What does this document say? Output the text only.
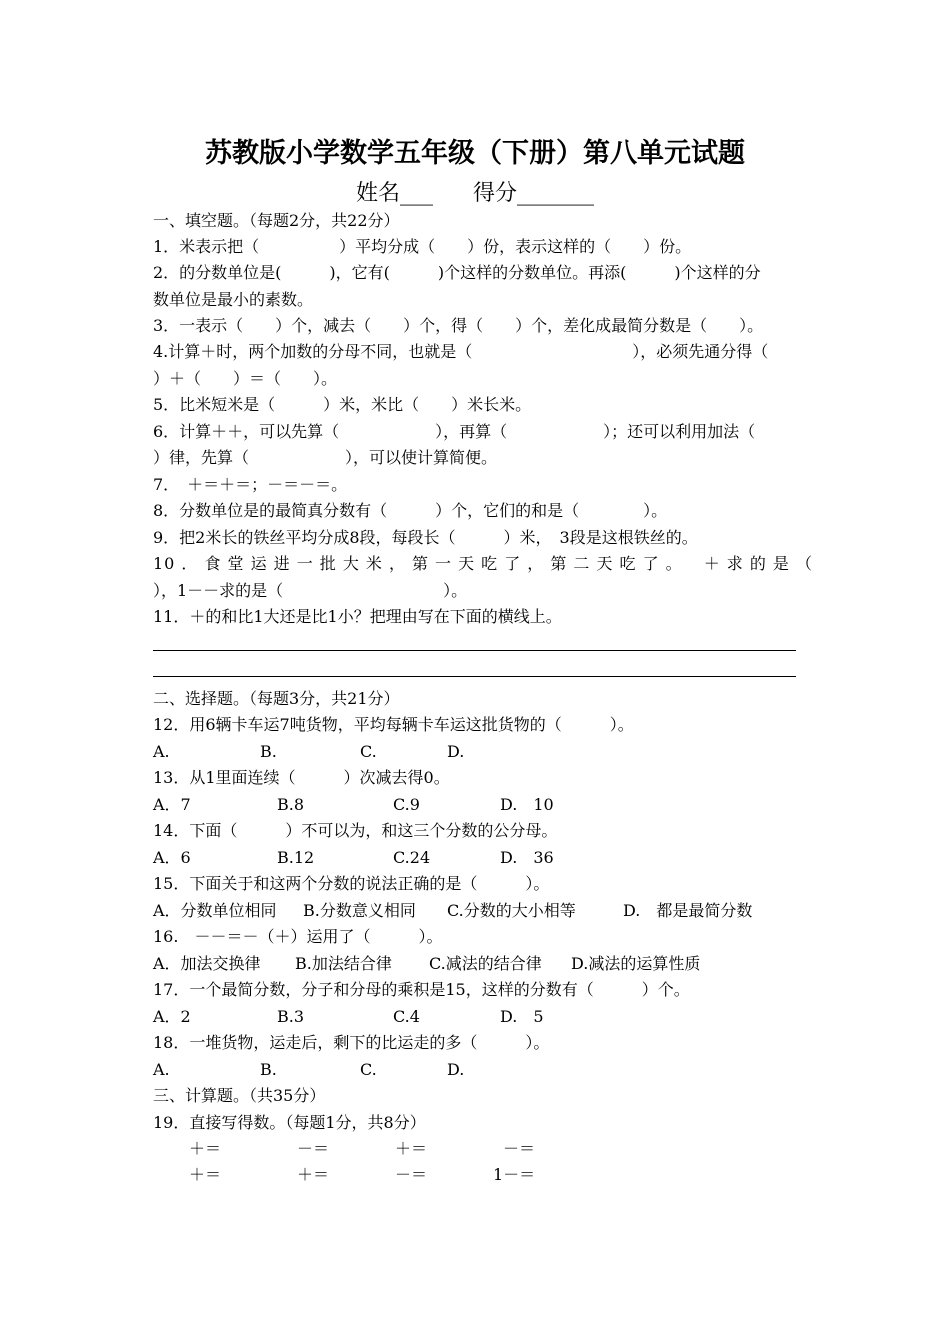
苏教版小学数学五年级（下册）第八单元试题
姓名___ 得分_______
一、填空题。（每题2分，共22分）
1．米表示把（　　　　　）平均分成（　　）份，表示这样的（　　）份。
2．的分数单位是(　　　)，它有(　　　)个这样的分数单位。再添(　　　)个这样的分
数单位是最小的素数。
3．一表示（　　）个，减去（　　）个，得（　　）个，差化成最简分数是（　　）。
4.计算＋时，两个加数的分母不同，也就是（　　　　　　　　　　），必须先通分得（
）＋（　　）＝（　　）。
5．比米短米是（　　　）米，米比（　　）米长米。
6．计算＋＋，可以先算（　　　　　　），再算（　　　　　　）；还可以利用加法（
）律，先算（　　　　　　），可以使计算简便。
7．　＋＝＋＝；－＝－＝。
8．分数单位是的最简真分数有（　　　）个，它们的和是（　　　　）。
9．把2米长的铁丝平均分成8段，每段长（　　　）米，　3段是这根铁丝的。
10．食堂运进一批大米，第一天吃了，第二天吃了。　＋求的是（
），1－－求的是（　　　　　　　　　　）。
11．＋的和比1大还是比1小？把理由写在下面的横线上。
二、选择题。（每题3分，共21分）
12．用6辆卡车运7吨货物，平均每辆卡车运这批货物的（　　　）。
A.	B.	C.	D.
13．从1里面连续（　　　）次减去得0。
A．7	B.8	C.9	D.　10
14．下面（　　　）不可以为，和这三个分数的公分母。
A．6	B.12	C.24	D.　36
15．下面关于和这两个分数的说法正确的是（　　　）。
A．分数单位相同 B.分数意义相同 C.分数的大小相等	D.　都是最简分数
16.　－－＝－（＋）运用了（　　　）。
A．加法交换律 B.加法结合律 C.减法的结合律 D.减法的运算性质
17．一个最简分数，分子和分母的乘积是15，这样的分数有（　　　）个。
A．2	B.3	C.4	D.　5
18．一堆货物，运走后，剩下的比运走的多（　　　）。
A.	B.	C.	D.
三、计算题。（共35分）
19．直接写得数。（每题1分，共8分）
＋＝	－＝	＋＝	－＝
＋＝	＋＝	－＝	1－＝
